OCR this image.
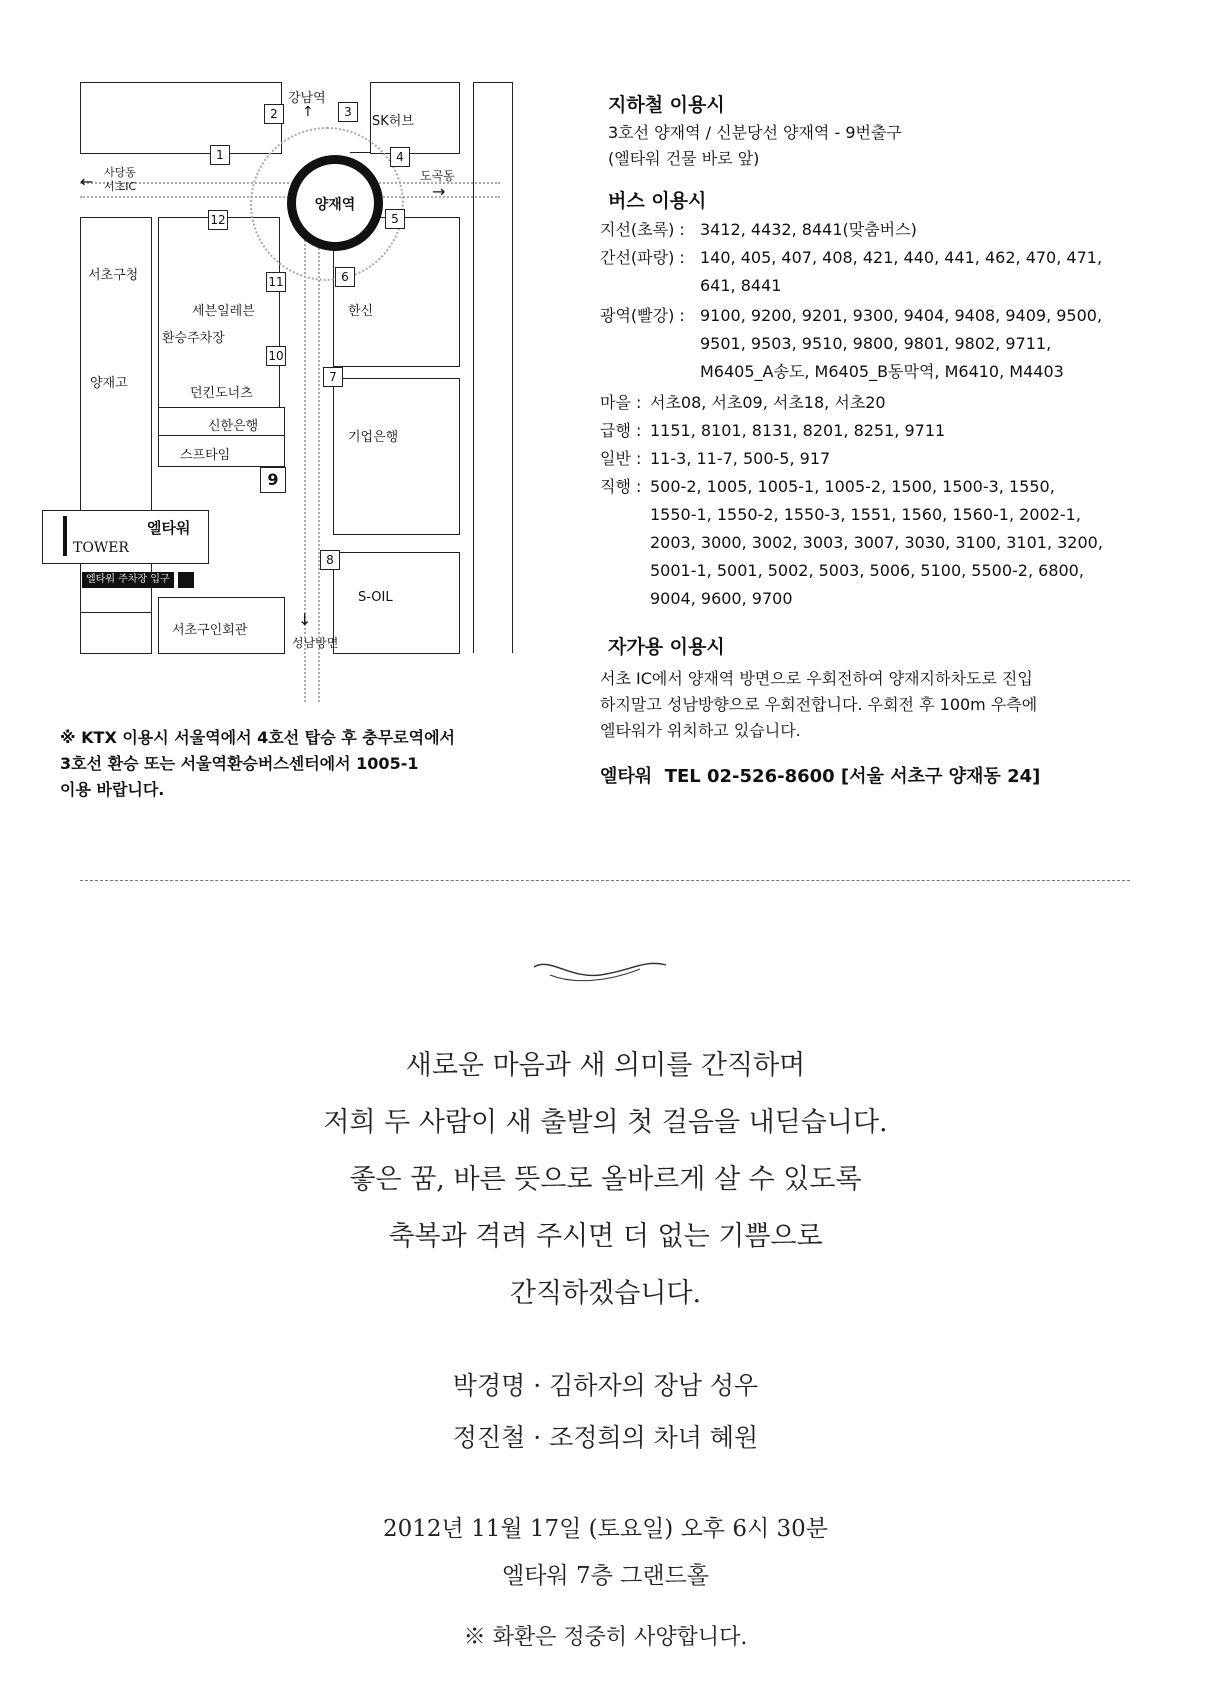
양재역
강남역
↑
← 사당동
서초IC
도곡동
→
↓
성남방면
1
2	3
4
5
6
7
8
9
10
11
12
SK허브
서초구청
세븐일레븐
환승주차장
한신
양재고
던킨도너츠
신한은행
기업은행
스프타임
S-OIL
서초구인회관
엘타워
TOWER
엘타워 주차장 입구
지하철 이용시
3호선 양재역 / 신분당선 양재역 - 9번출구
(엘타워 건물 바로 앞)
버스 이용시
지선(초록) :3412, 4432, 8441(맞춤버스)
간선(파랑) :140, 405, 407, 408, 421, 440, 441, 462, 470, 471,
641, 8441
광역(빨강) :9100, 9200, 9201, 9300, 9404, 9408, 9409, 9500,
9501, 9503, 9510, 9800, 9801, 9802, 9711,
M6405_A송도, M6405_B동막역, M6410, M4403
마을 :서초08, 서초09, 서초18, 서초20
급행 :1151, 8101, 8131, 8201, 8251, 9711
일반 :11-3, 11-7, 500-5, 917
직행 :500-2, 1005, 1005-1, 1005-2, 1500, 1500-3, 1550,
1550-1, 1550-2, 1550-3, 1551, 1560, 1560-1, 2002-1,
2003, 3000, 3002, 3003, 3007, 3030, 3100, 3101, 3200,
5001-1, 5001, 5002, 5003, 5006, 5100, 5500-2, 6800,
9004, 9600, 9700
자가용 이용시
서초 IC에서 양재역 방면으로 우회전하여 양재지하차도로 진입
하지말고 성남방향으로 우회전합니다. 우회전 후 100m 우측에
엘타워가 위치하고 있습니다.
엘타워  TEL 02-526-8600 [서울 서초구 양재동 24]
※ KTX 이용시 서울역에서 4호선 탑승 후 충무로역에서
3호선 환승 또는 서울역환승버스센터에서 1005-1
이용 바랍니다.
새로운 마음과 새 의미를 간직하며
저희 두 사람이 새 출발의 첫 걸음을 내딛습니다.
좋은 꿈, 바른 뜻으로 올바르게 살 수 있도록
축복과 격려 주시면 더 없는 기쁨으로
간직하겠습니다.
박경명 · 김하자의 장남 성우
정진철 · 조정희의 차녀 혜원
2012년 11월 17일 (토요일) 오후 6시 30분
엘타워 7층 그랜드홀
※ 화환은 정중히 사양합니다.
